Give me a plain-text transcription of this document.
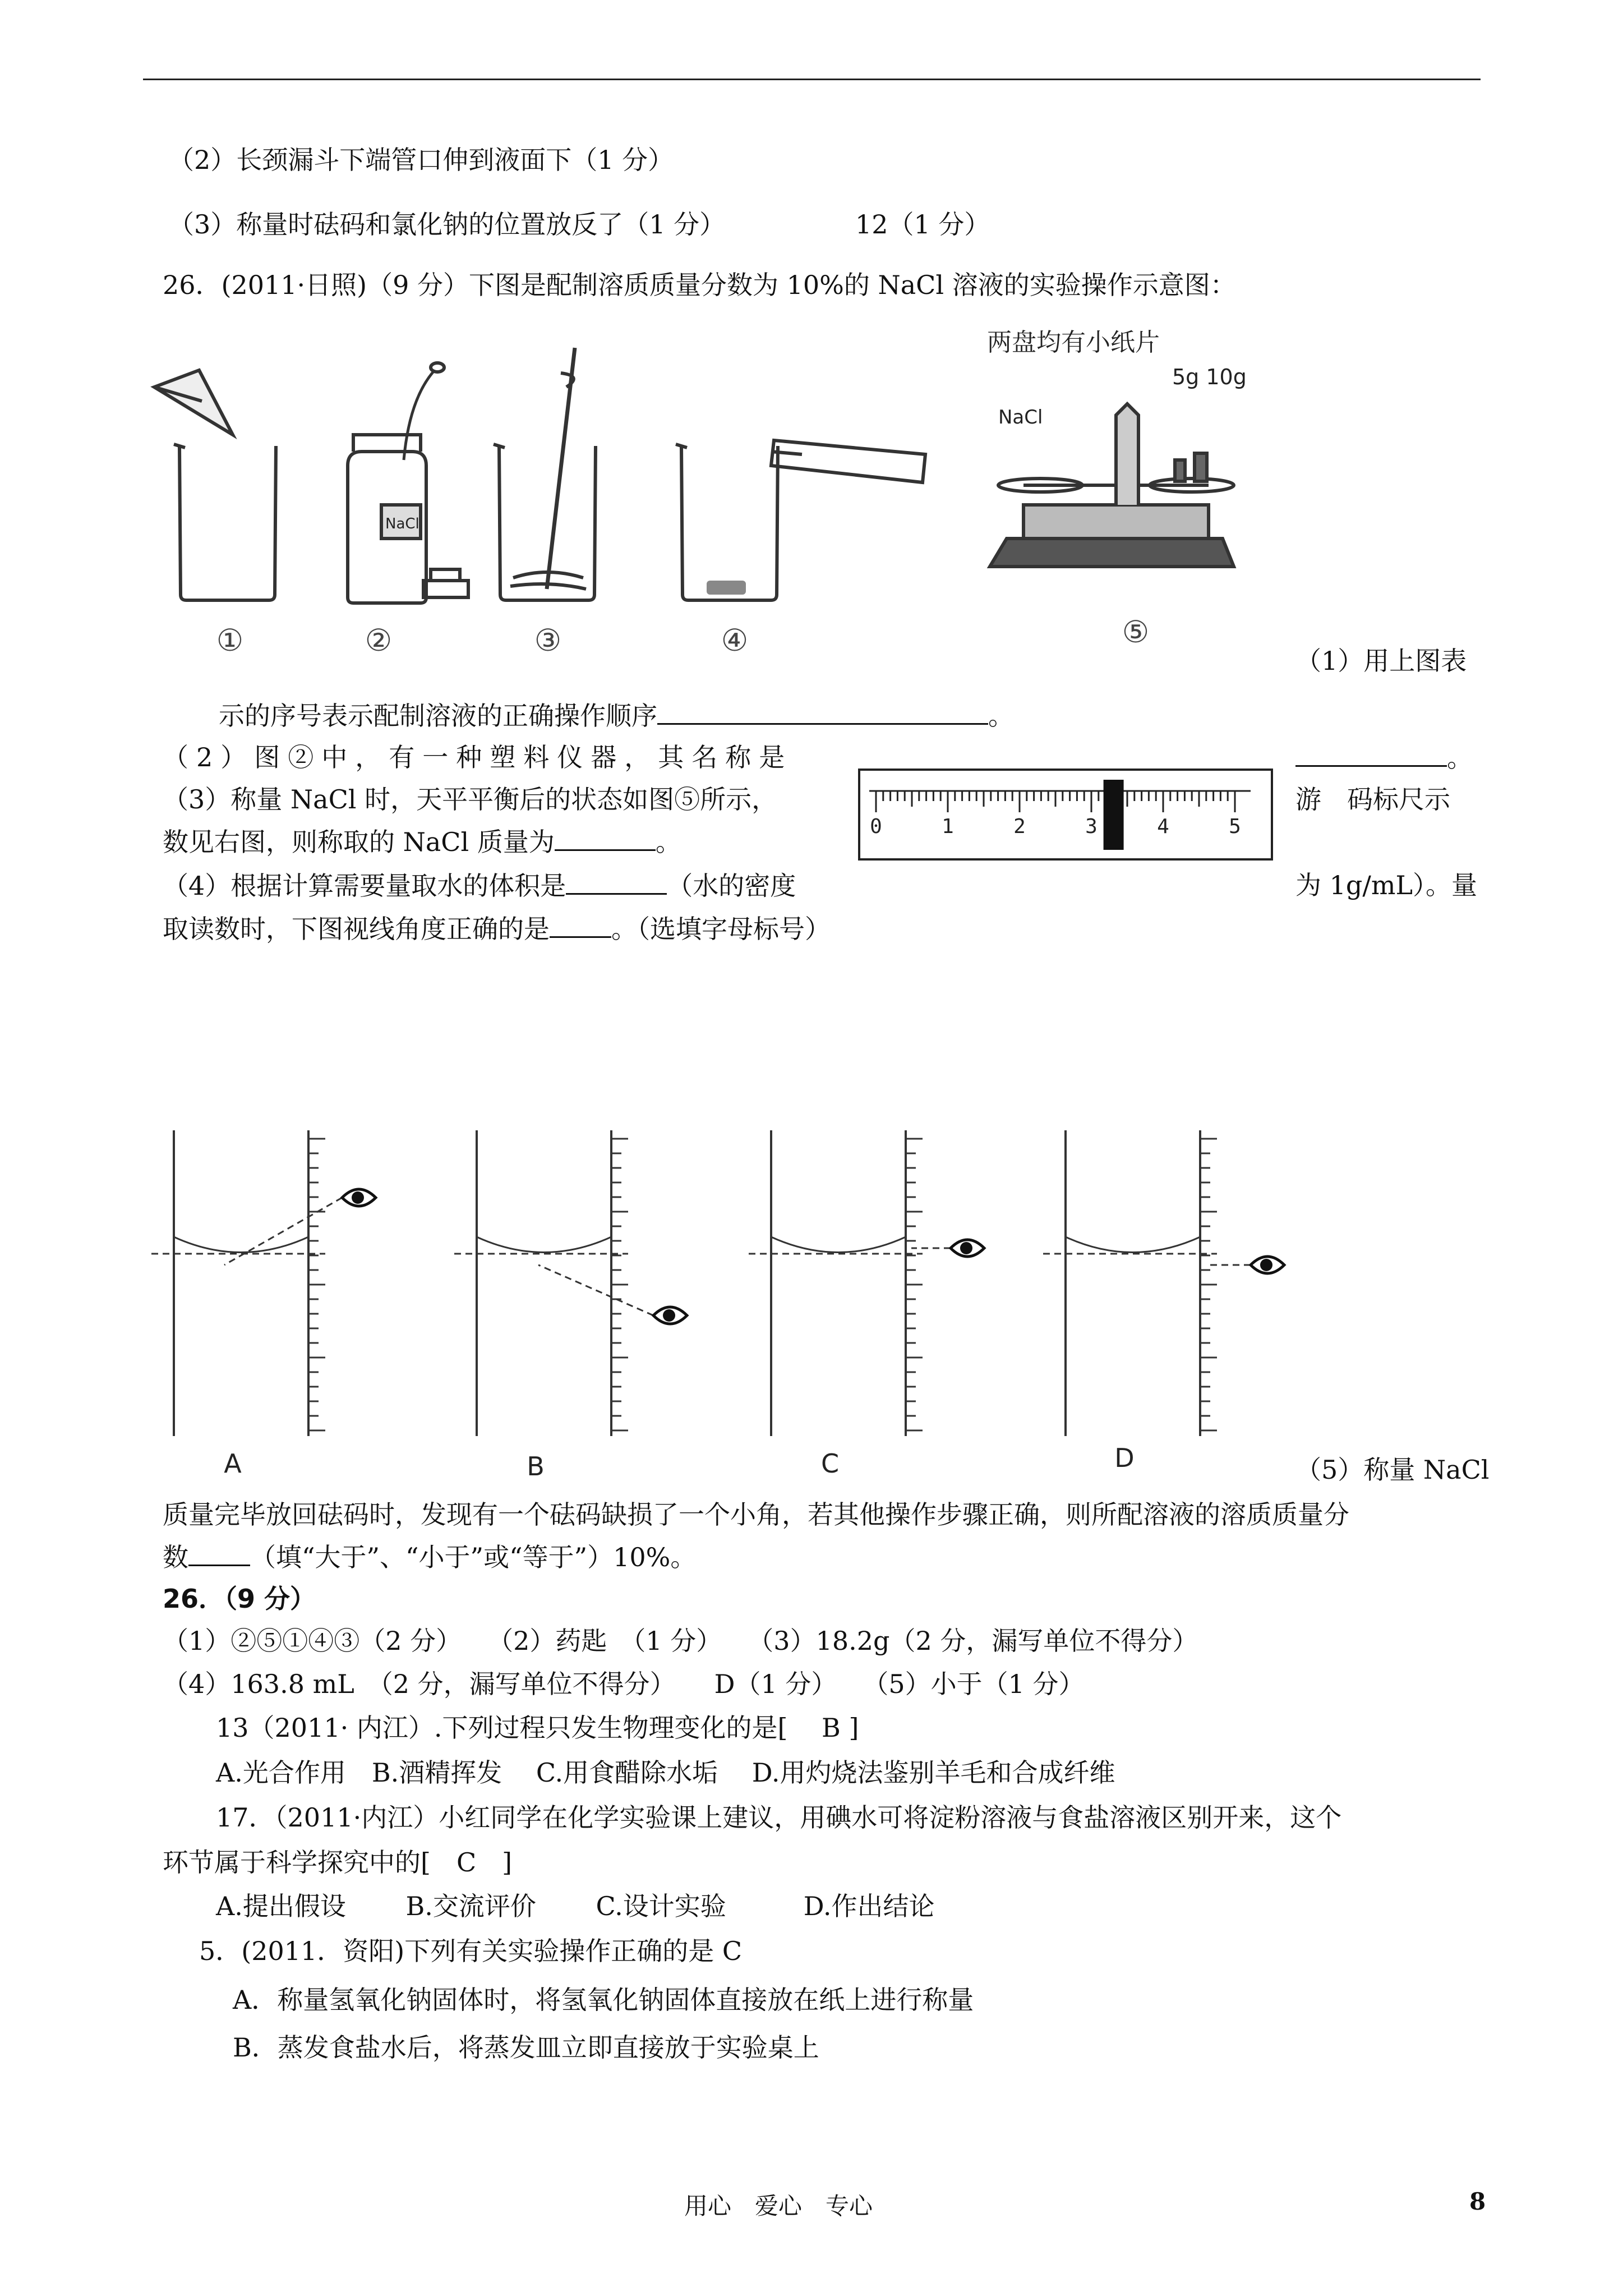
（2）长颈漏斗下端管口伸到液面下（1 分）
（3）称量时砝码和氯化钠的位置放反了（1 分）	12（1 分）
26．(2011·日照)（9 分）下图是配制溶质质量分数为 10%的 NaCl 溶液的实验操作示意图：
两盘均有小纸片
5g 10g
NaCl
NaCl
①	②	③	④	⑤
（1）用上图表
示的序号表示配制溶液的正确操作顺序	。
（2）图②中，有一种塑料仪器，其名称是	。
（3）称量 NaCl 时，天平平衡后的状态如图⑤所示，	游　码标尺示
数见右图，则称取的 NaCl 质量为	。
0	1	2	3	4	5
（4）根据计算需要量取水的体积是	（水的密度	为 1g/mL）。量
取读数时，下图视线角度正确的是 。（选填字母标号）
A	B	C	D	（5）称量 NaCl
质量完毕放回砝码时，发现有一个砝码缺损了一个小角，若其他操作步骤正确，则所配溶液的溶质质量分
数 （填“大于”、“小于”或“等于”）10%。
26．（9 分）
（1）②⑤①④③（2 分）　　（2）药匙　（1 分）　　（3）18.2g（2 分，漏写单位不得分）
（4）163.8 mL　（2 分，漏写单位不得分）　　D（1 分）　　（5）小于（1 分）
13（2011· 内江）.下列过程只发生物理变化的是[　 B ]
A.光合作用　B.酒精挥发　 C.用食醋除水垢　 D.用灼烧法鉴别羊毛和合成纤维
17．（2011·内江）小红同学在化学实验课上建议，用碘水可将淀粉溶液与食盐溶液区别开来，这个
环节属于科学探究中的[　C　]
A.提出假设　　 B.交流评价　　 C.设计实验　　　D.作出结论
5．(2011．资阳)下列有关实验操作正确的是 C
A．称量氢氧化钠固体时，将氢氧化钠固体直接放在纸上进行称量
B．蒸发食盐水后，将蒸发皿立即直接放于实验桌上
用心　爱心　专心	8
